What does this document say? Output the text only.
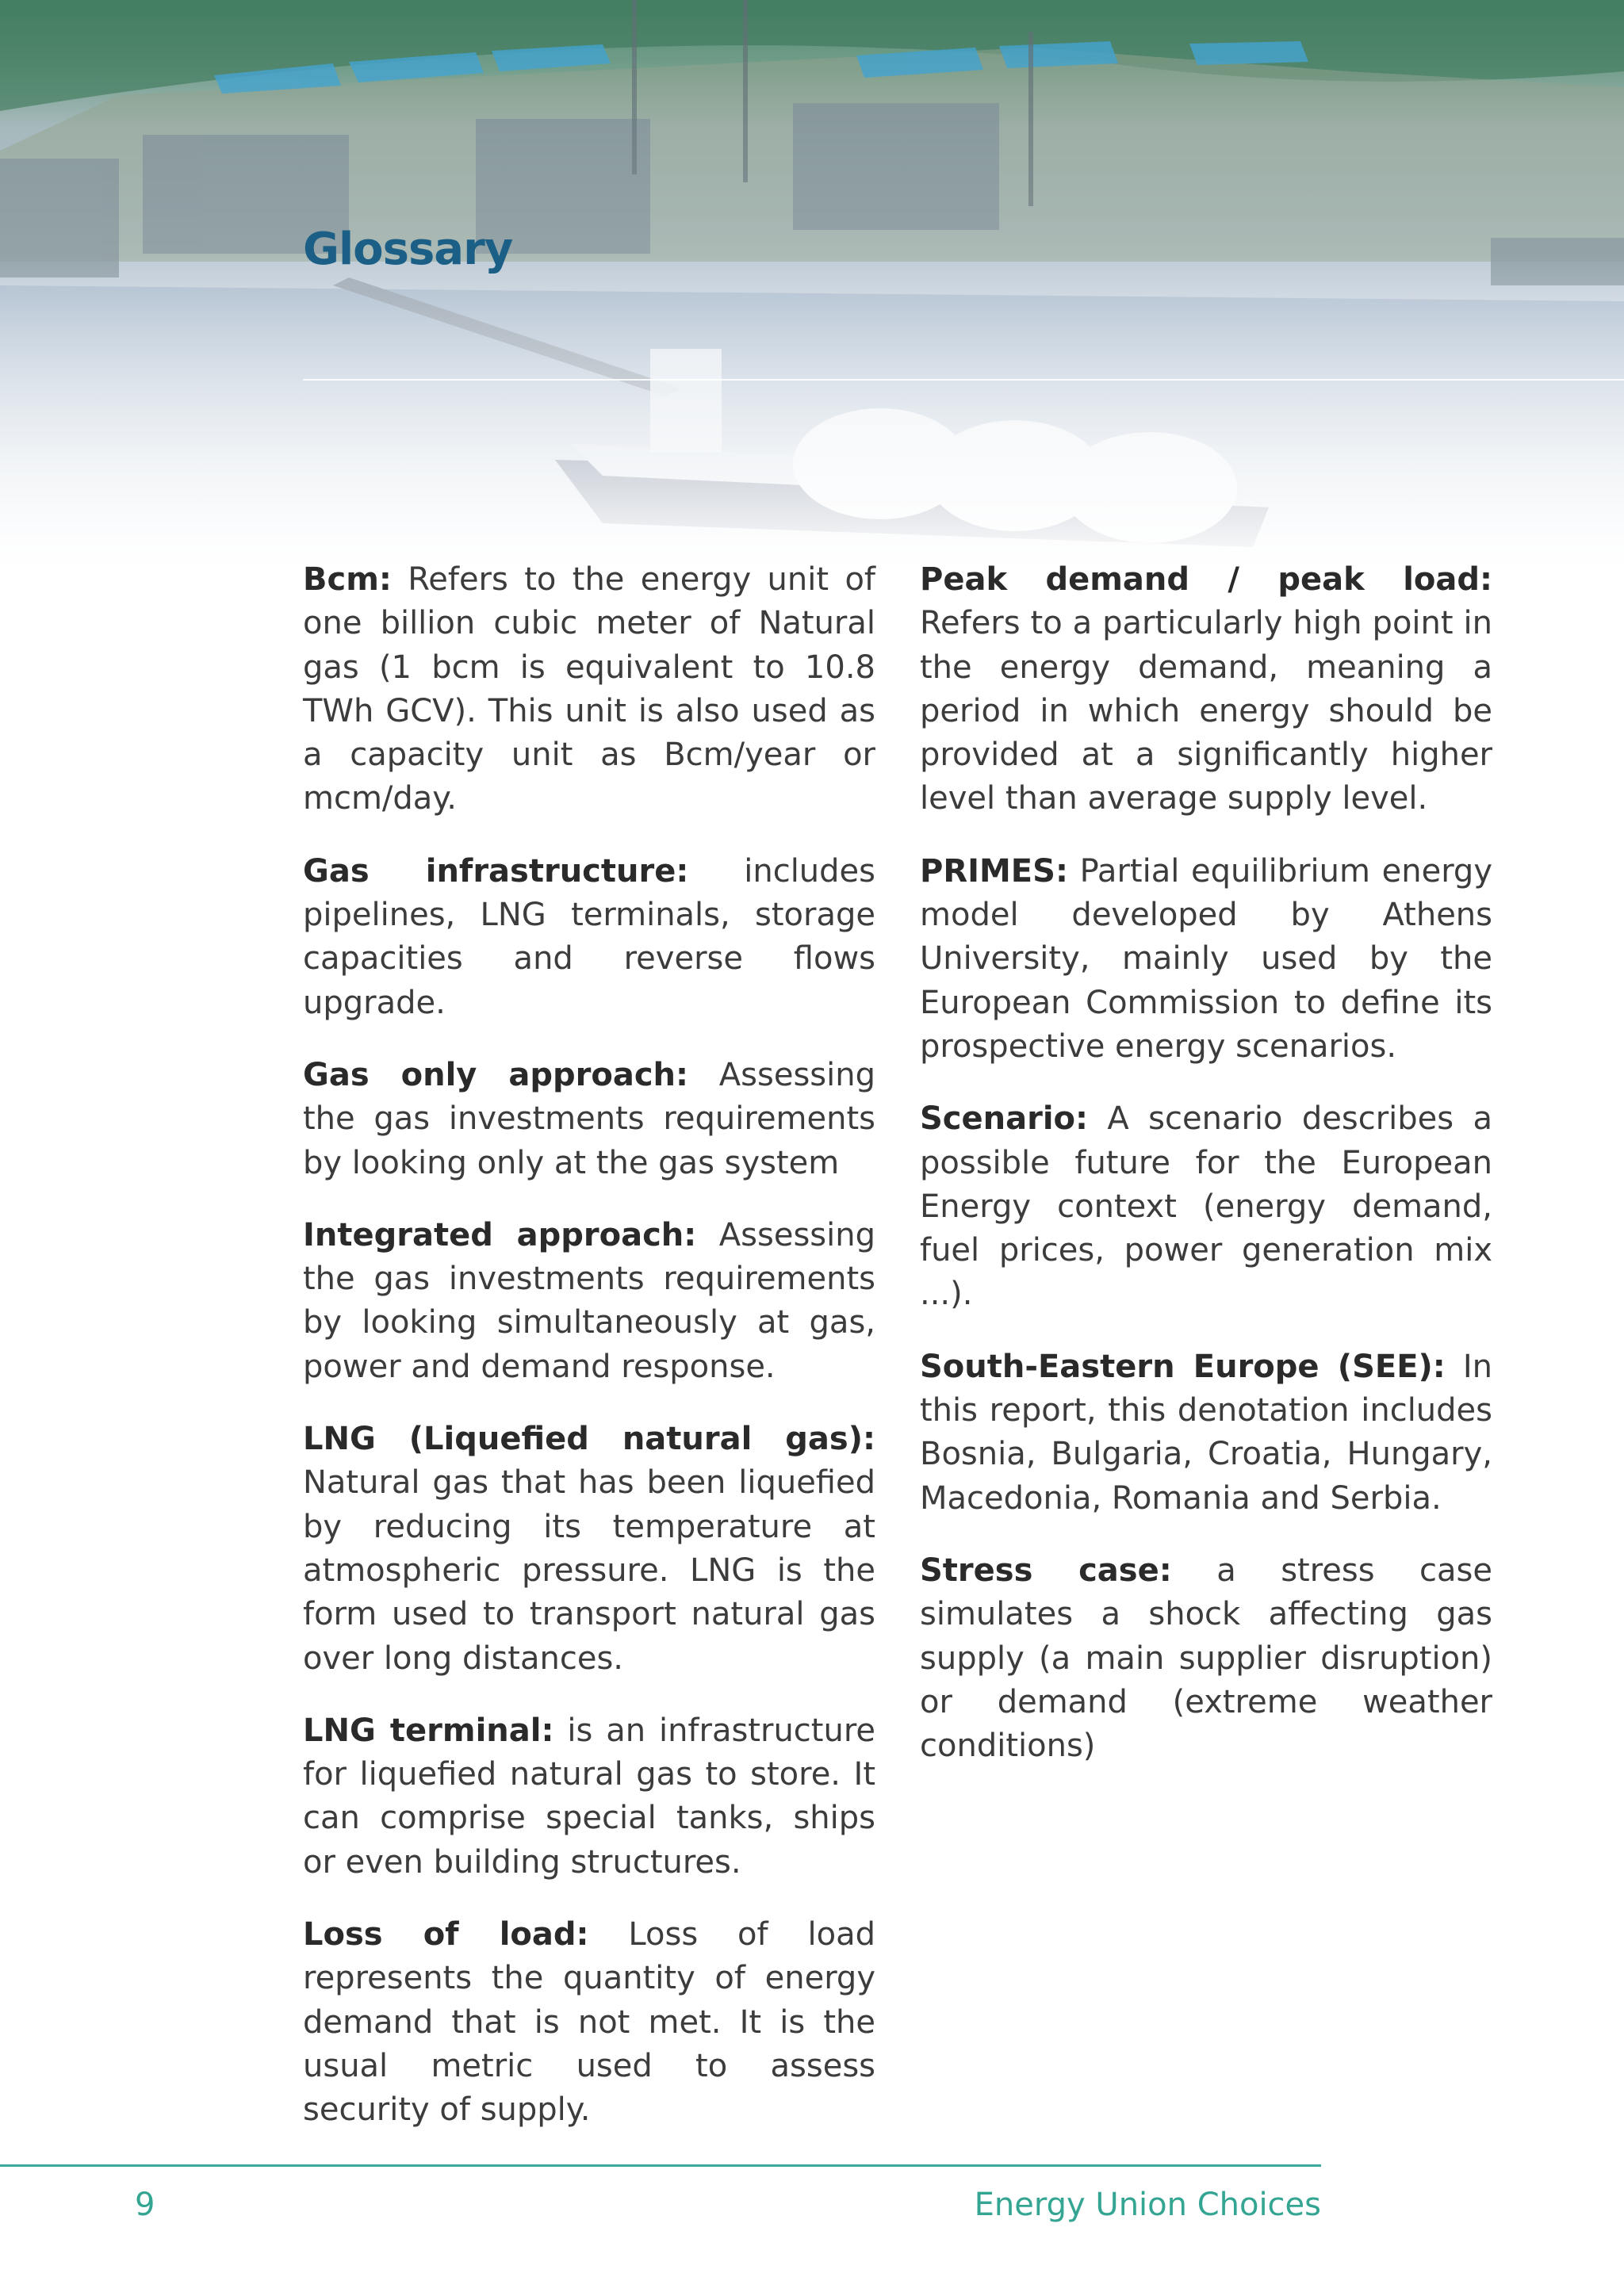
Glossary

Bcm: Refers to the energy unit of one billion cubic meter of Natural gas (1 bcm is equivalent to 10.8 TWh GCV). This unit is also used as a capacity unit as Bcm/year or mcm/day.

Gas infrastructure: includes pipelines, LNG terminals, storage capacities and reverse flows upgrade.

Gas only approach: Assessing the gas investments requirements by looking only at the gas system

Integrated approach: Assessing the gas investments requirements by looking simultaneously at gas, power and demand response.

LNG (Liquefied natural gas): Natural gas that has been liquefied by reducing its temperature at atmospheric pressure. LNG is the form used to transport natural gas over long distances.

LNG terminal: is an infrastructure for liquefied natural gas to store. It can comprise special tanks, ships or even building structures.

Loss of load: Loss of load represents the quantity of energy demand that is not met. It is the usual metric used to assess security of supply.

Peak demand / peak load: Refers to a particularly high point in the energy demand, meaning a period in which energy should be provided at a significantly higher level than average supply level.

PRIMES: Partial equilibrium energy model developed by Athens University, mainly used by the European Commission to define its prospective energy scenarios.

Scenario: A scenario describes a possible future for the European Energy context (energy demand, fuel prices, power generation mix ...).

South-Eastern Europe (SEE): In this report, this denotation includes Bosnia, Bulgaria, Croatia, Hungary, Macedonia, Romania and Serbia.

Stress case: a stress case simulates a shock affecting gas supply (a main supplier disruption) or demand (extreme weather conditions)

9	Energy Union Choices
